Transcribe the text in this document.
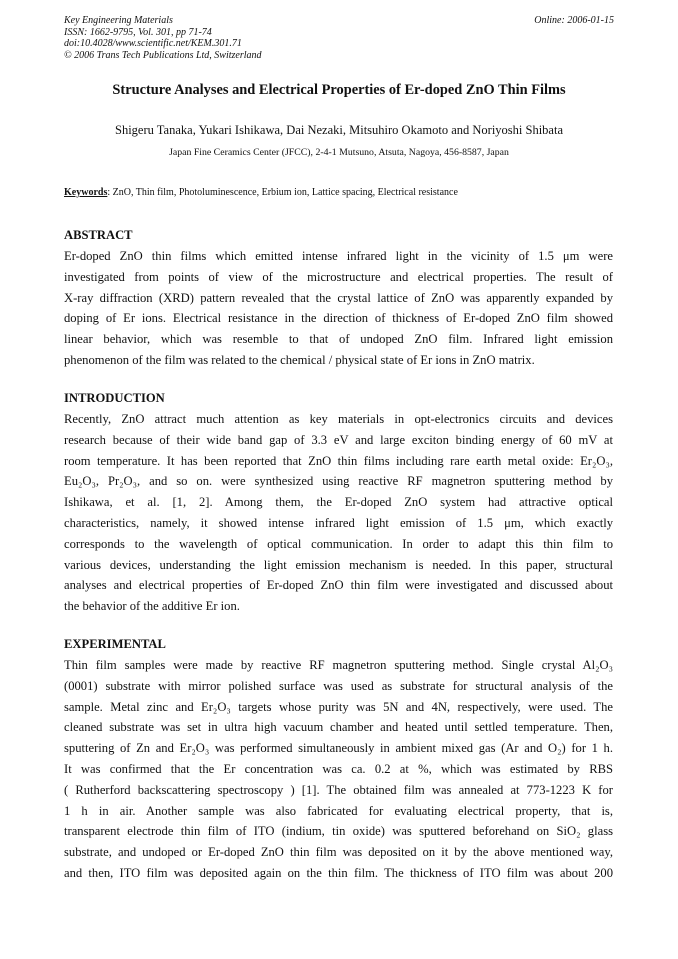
Key Engineering Materials
ISSN: 1662-9795, Vol. 301, pp 71-74
doi:10.4028/www.scientific.net/KEM.301.71
© 2006 Trans Tech Publications Ltd, Switzerland
Online: 2006-01-15
Structure Analyses and Electrical Properties of Er-doped ZnO Thin Films
Shigeru Tanaka, Yukari Ishikawa, Dai Nezaki, Mitsuhiro Okamoto and Noriyoshi Shibata
Japan Fine Ceramics Center (JFCC), 2-4-1 Mutsuno, Atsuta, Nagoya, 456-8587, Japan
Keywords: ZnO, Thin film, Photoluminescence, Erbium ion, Lattice spacing, Electrical resistance
ABSTRACT
Er-doped ZnO thin films which emitted intense infrared light in the vicinity of 1.5 μm were
investigated from points of view of the microstructure and electrical properties. The result of
X-ray diffraction (XRD) pattern revealed that the crystal lattice of ZnO was apparently expanded by
doping of Er ions. Electrical resistance in the direction of thickness of Er-doped ZnO film showed
linear behavior, which was resemble to that of undoped ZnO film. Infrared light emission
phenomenon of the film was related to the chemical / physical state of Er ions in ZnO matrix.
INTRODUCTION
Recently, ZnO attract much attention as key materials in opt-electronics circuits and devices
research because of their wide band gap of 3.3 eV and large exciton binding energy of 60 mV at
room temperature. It has been reported that ZnO thin films including rare earth metal oxide: Er₂O₃,
Eu₂O₃, Pr₂O₃, and so on. were synthesized using reactive RF magnetron sputtering method by
Ishikawa, et al. [1, 2]. Among them, the Er-doped ZnO system had attractive optical
characteristics, namely, it showed intense infrared light emission of 1.5 μm, which exactly
corresponds to the wavelength of optical communication. In order to adapt this thin film to
various devices, understanding the light emission mechanism is needed. In this paper, structural
analyses and electrical properties of Er-doped ZnO thin film were investigated and discussed about
the behavior of the additive Er ion.
EXPERIMENTAL
Thin film samples were made by reactive RF magnetron sputtering method. Single crystal Al₂O₃
(0001) substrate with mirror polished surface was used as substrate for structural analysis of the
sample. Metal zinc and Er₂O₃ targets whose purity was 5N and 4N, respectively, were used. The
cleaned substrate was set in ultra high vacuum chamber and heated until settled temperature. Then,
sputtering of Zn and Er₂O₃ was performed simultaneously in ambient mixed gas (Ar and O₂) for 1 h.
It was confirmed that the Er concentration was ca. 0.2 at %, which was estimated by RBS
( Rutherford backscattering spectroscopy ) [1]. The obtained film was annealed at 773-1223 K for
1 h in air. Another sample was also fabricated for evaluating electrical property, that is,
transparent electrode thin film of ITO (indium, tin oxide) was sputtered beforehand on SiO₂ glass
substrate, and undoped or Er-doped ZnO thin film was deposited on it by the above mentioned way,
and then, ITO film was deposited again on the thin film. The thickness of ITO film was about 200
